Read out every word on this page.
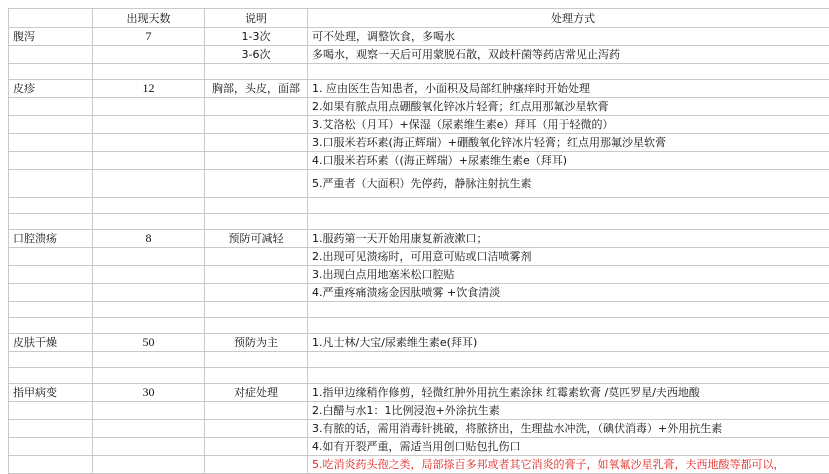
	出现天数	说明	处理方式
腹泻	7	1-3次	可不处理，调整饮食，多喝水
		3-6次	多喝水，观察一天后可用蒙脱石散，双歧杆菌等药店常见止泻药

皮疹	12	胸部，头皮，面部	1. 应由医生告知患者，小面积及局部红肿瘙痒时开始处理
			2.如果有脓点用点硼酸氧化锌冰片轻膏；红点用那氟沙星软膏
			3.艾洛松（月耳）+保湿（尿素维生素e）拜耳（用于轻微的）
			3.口服米若环素(海正辉瑞）+硼酸氧化锌冰片轻膏；红点用那氟沙星软膏
			4.口服米若环素（(海正辉瑞）+尿素维生素e（拜耳)
			5.严重者（大面积）先停药，静脉注射抗生素

口腔溃疡	8	预防可减轻	1.服药第一天开始用康复新液漱口；
			2.出现可见溃疡时，可用意可贴或口洁喷雾剂
			3.出现白点用地塞米松口腔贴
			4.严重疼痛溃疡金因肽喷雾 +饮食清淡

皮肤干燥	50	预防为主	1.凡士林/大宝/尿素维生素e(拜耳)

指甲病变	30	对症处理	1.指甲边缘稍作修剪，轻微红肿外用抗生素涂抹 红霉素软膏 /莫匹罗星/夫西地酸
			2.白醋与水1：1比例浸泡+外涂抗生素
			3.有脓的话，需用消毒针挑破，将脓挤出，生理盐水冲洗，（碘伏消毒）+外用抗生素
			4.如有开裂严重，需适当用创口贴包扎伤口
			5.吃消炎药头孢之类，局部搽百多邦或者其它消炎的膏子，如氧氟沙星乳膏，夫西地酸等都可以，
